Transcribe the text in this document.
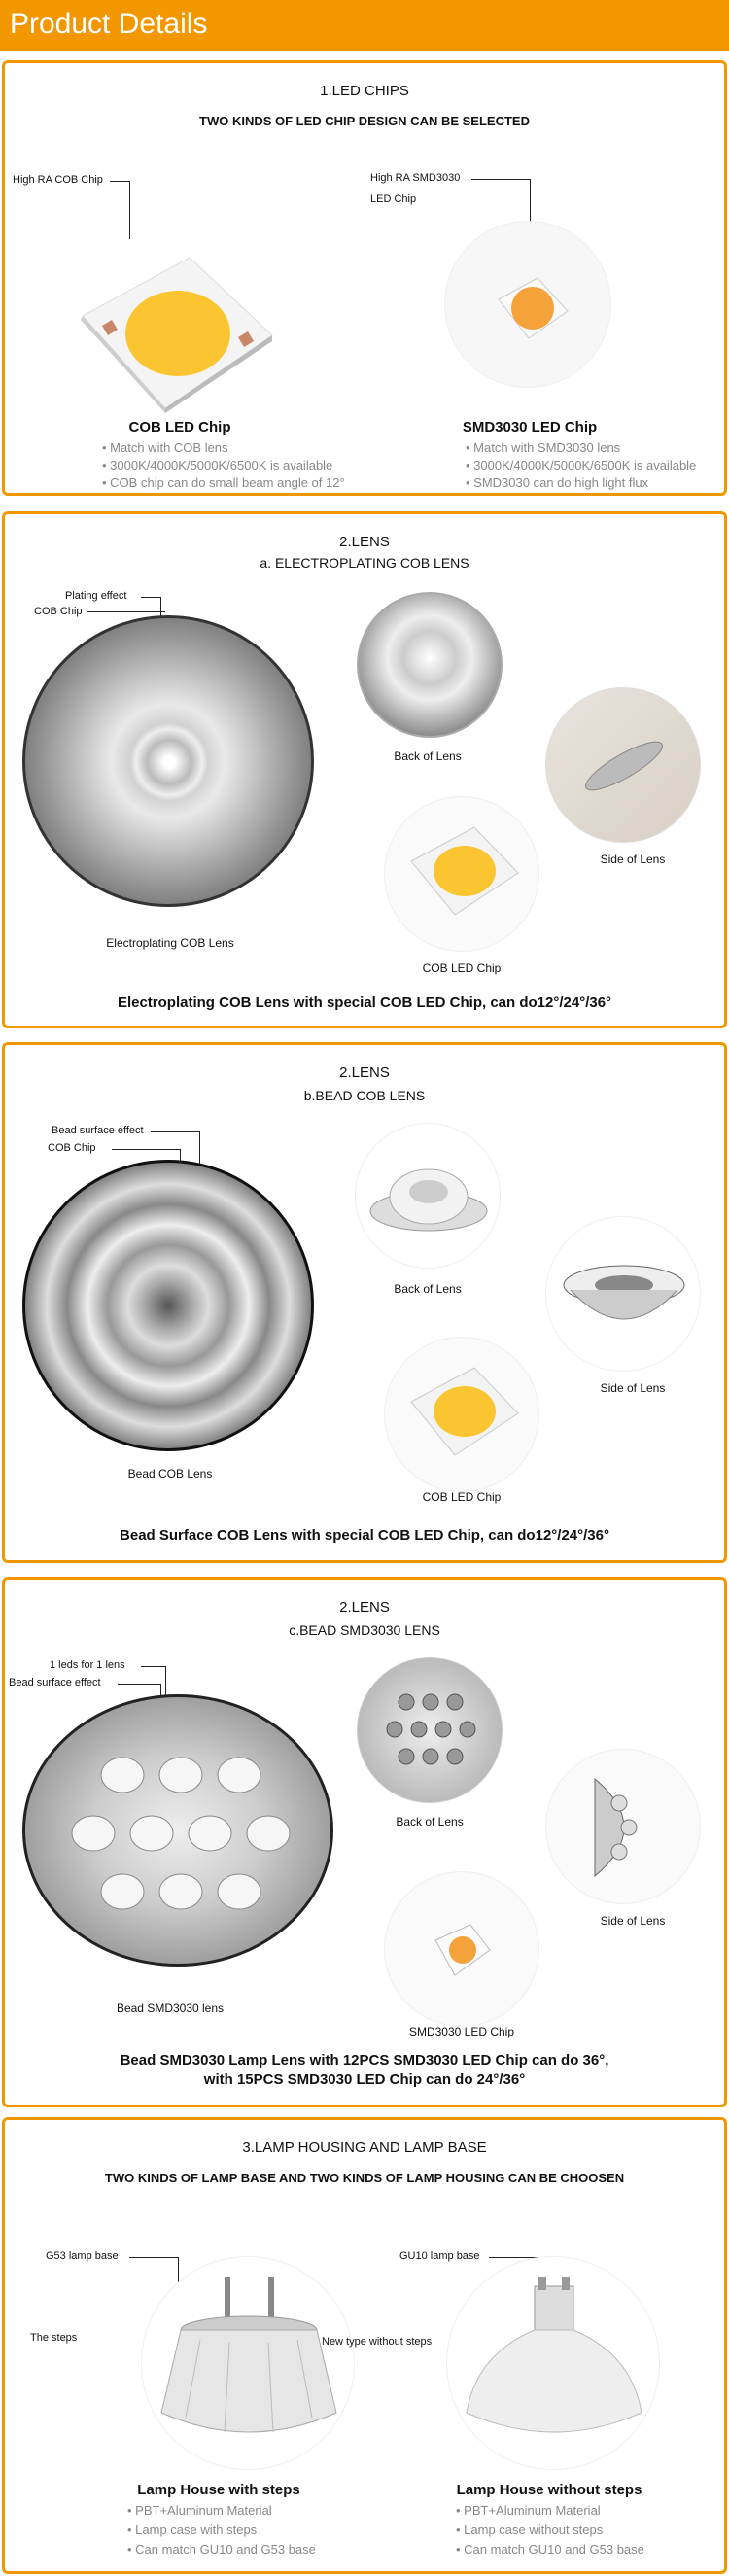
Product Details
1.LED CHIPS
TWO KINDS OF LED CHIP DESIGN CAN BE SELECTED
High RA COB Chip	High RA SMD3030
LED Chip
COB LED Chip
• Match with COB lens
• 3000K/4000K/5000K/6500K is available
• COB chip can do small beam angle of 12°
SMD3030 LED Chip
• Match with SMD3030 lens
• 3000K/4000K/5000K/6500K is available
• SMD3030 can do high light flux
2.LENS
a. ELECTROPLATING COB LENS
Plating effect
COB Chip
Electroplating COB Lens
Back of Lens
Side of Lens
COB LED Chip
Electroplating COB Lens with special COB LED Chip, can do12°/24°/36°
2.LENS
b.BEAD COB LENS
Bead surface effect
COB Chip
Bead COB Lens
Back of Lens
Side of Lens
COB LED Chip
Bead Surface COB Lens with special COB LED Chip, can do12°/24°/36°
2.LENS
c.BEAD SMD3030 LENS
1 leds for 1 lens
Bead surface effect
Bead SMD3030 lens
Back of Lens
Side of Lens
SMD3030 LED Chip
Bead SMD3030 Lamp Lens with 12PCS SMD3030 LED Chip can do 36°,
with 15PCS SMD3030 LED Chip can do 24°/36°
3.LAMP HOUSING AND LAMP BASE
TWO KINDS OF LAMP BASE AND TWO KINDS OF LAMP HOUSING CAN BE CHOOSEN
G53 lamp base
The steps
Lamp House with steps
• PBT+Aluminum Material
• Lamp case with steps
• Can match GU10 and G53 base
GU10 lamp base
New type without steps
Lamp House without steps
• PBT+Aluminum Material
• Lamp case without steps
• Can match GU10 and G53 base
